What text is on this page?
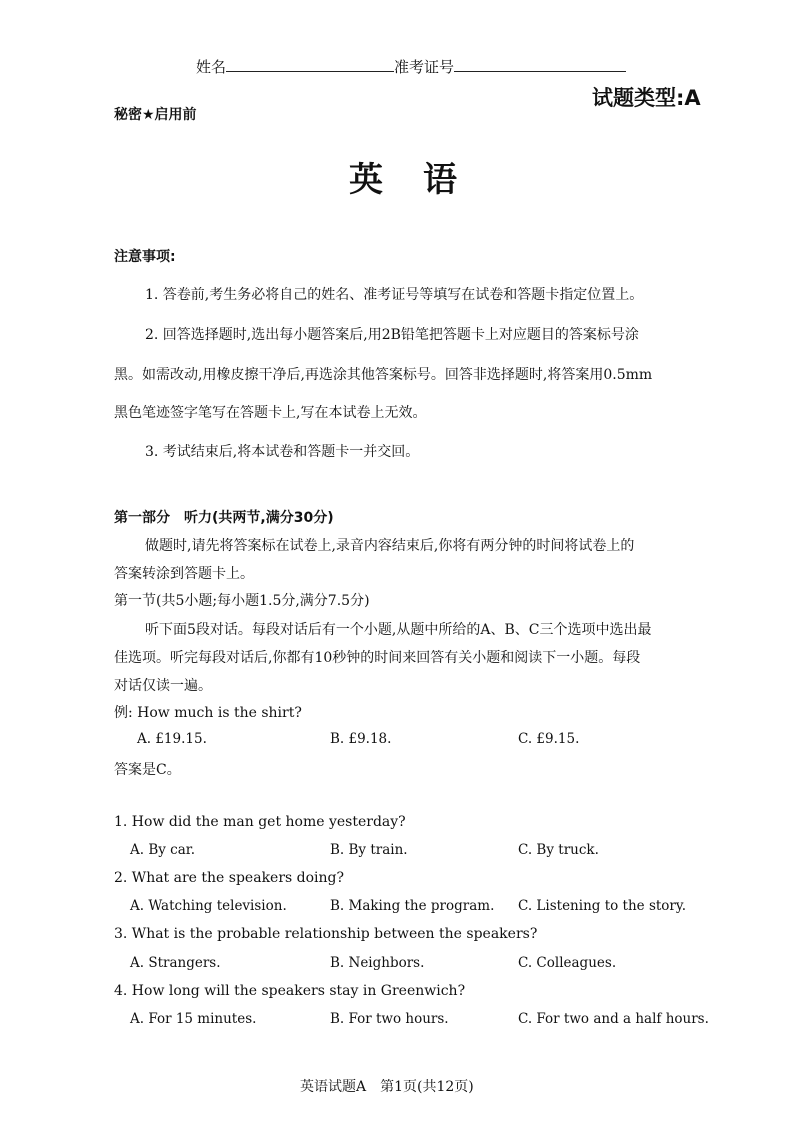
姓名	准考证号
试题类型:A
秘密★启用前
英语
注意事项:
1. 答卷前,考生务必将自己的姓名、准考证号等填写在试卷和答题卡指定位置上。
2. 回答选择题时,选出每小题答案后,用2B铅笔把答题卡上对应题目的答案标号涂
黑。如需改动,用橡皮擦干净后,再选涂其他答案标号。回答非选择题时,将答案用0.5mm
黑色笔迹签字笔写在答题卡上,写在本试卷上无效。
3. 考试结束后,将本试卷和答题卡一并交回。
第一部分　听力(共两节,满分30分)
做题时,请先将答案标在试卷上,录音内容结束后,你将有两分钟的时间将试卷上的
答案转涂到答题卡上。
第一节(共5小题;每小题1.5分,满分7.5分)
听下面5段对话。每段对话后有一个小题,从题中所给的A、B、C三个选项中选出最
佳选项。听完每段对话后,你都有10秒钟的时间来回答有关小题和阅读下一小题。每段
对话仅读一遍。
例: How much is the shirt?
A. £19.15.	B. £9.18.	C. £9.15.
答案是C。
1. How did the man get home yesterday?
A. By car.	B. By train.	C. By truck.
2. What are the speakers doing?
A. Watching television.	B. Making the program. C. Listening to the story.
3. What is the probable relationship between the speakers?
A. Strangers.	B. Neighbors.	C. Colleagues.
4. How long will the speakers stay in Greenwich?
A. For 15 minutes.	B. For two hours.	C. For two and a half hours.
英语试题A　第1页(共12页)
